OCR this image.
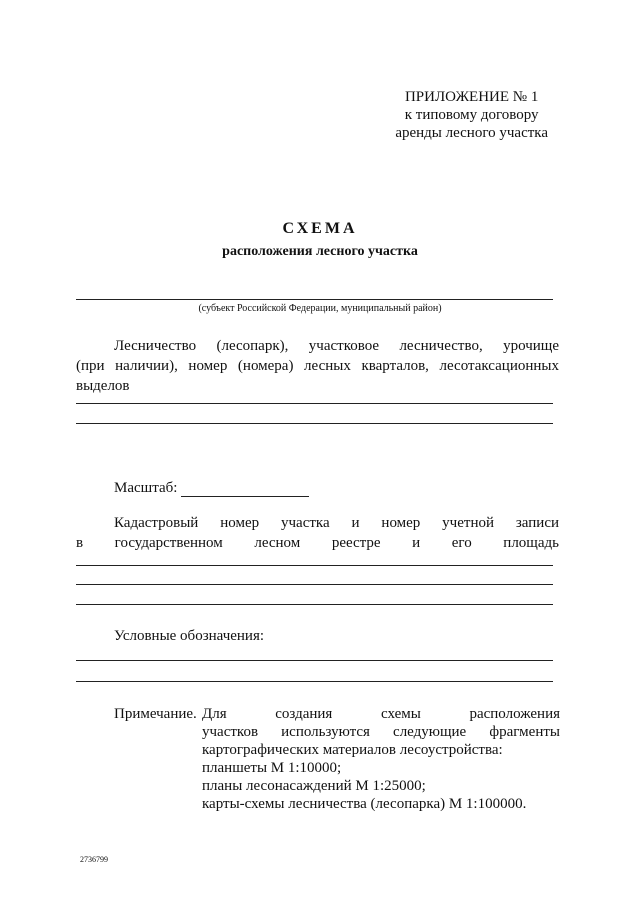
ПРИЛОЖЕНИЕ № 1
к типовому договору
аренды лесного участка
СХЕМА
расположения лесного участка
(субъект Российской Федерации, муниципальный район)

Лесничество (лесопарк), участковое лесничество, урочище

(при наличии), номер (номера) лесных кварталов, лесотаксационных

выделов

Масштаб:

Кадастровый номер участка и номер учетной записи

в государственном лесном реестре и его площадь

Условные обозначения:
Примечание. Для создания схемы расположения
участков используются следующие фрагменты
картографических материалов лесоустройства:
планшеты М 1:10000;
планы лесонасаждений М 1:25000;
карты-схемы лесничества (лесопарка) М 1:100000.
2736799
